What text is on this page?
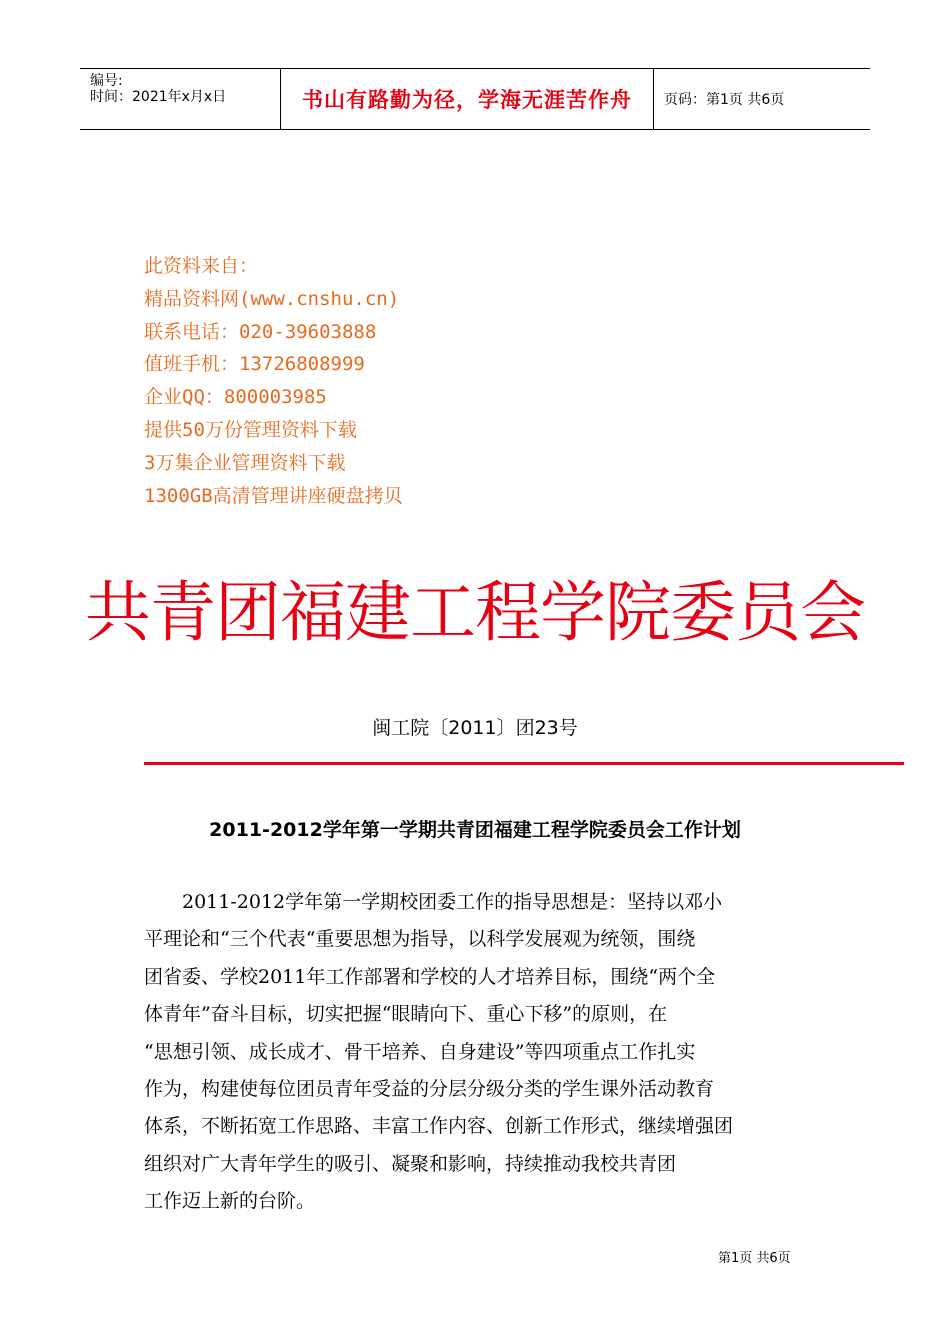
编号:
时间：2021年x月x日	书山有路勤为径，学海无涯苦作舟	页码：第1页 共6页
此资料来自：
精品资料网(www.cnshu.cn)
联系电话：020-39603888
值班手机：13726808999
企业QQ：800003985
提供50万份管理资料下载
3万集企业管理资料下载
1300GB高清管理讲座硬盘拷贝
共青团福建工程学院委员会
闽工院〔2011〕团23号
2011-2012学年第一学期共青团福建工程学院委员会工作计划
　　2011-2012学年第一学期校团委工作的指导思想是：坚持以邓小
平理论和“三个代表“重要思想为指导，以科学发展观为统领，围绕
团省委、学校2011年工作部署和学校的人才培养目标，围绕“两个全
体青年”奋斗目标，切实把握“眼睛向下、重心下移”的原则，在
“思想引领、成长成才、骨干培养、自身建设”等四项重点工作扎实
作为，构建使每位团员青年受益的分层分级分类的学生课外活动教育
体系，不断拓宽工作思路、丰富工作内容、创新工作形式，继续增强团
组织对广大青年学生的吸引、凝聚和影响，持续推动我校共青团
工作迈上新的台阶。
第1页 共6页
